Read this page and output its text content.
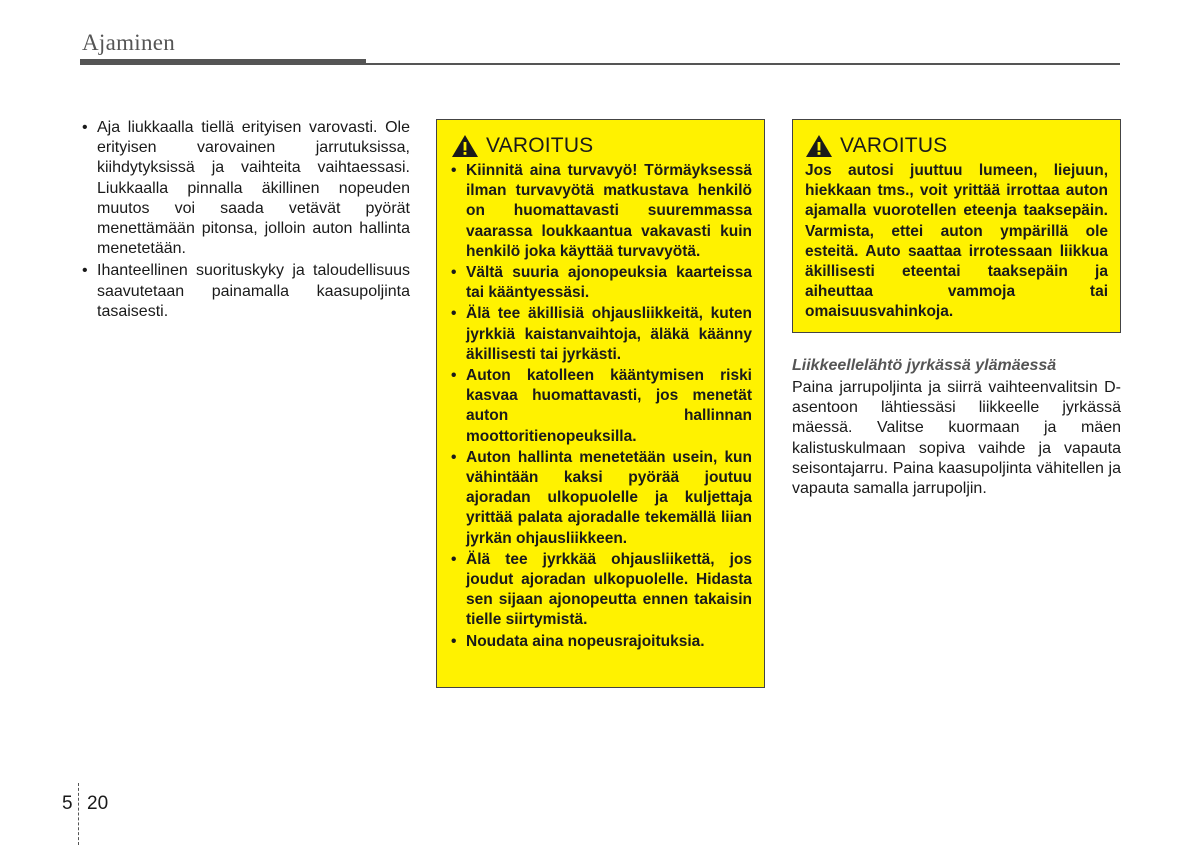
Ajaminen
• Aja liukkaalla tiellä erityisen varovasti. Ole erityisen varovainen jarrutuksissa, kiihdytyksissä ja vaihteita vaihtaessasi. Liukkaalla pinnalla äkillinen nopeuden muutos voi saada vetävät pyörät menettämään pitonsa, jolloin auton hallinta menetetään.
• Ihanteellinen suorituskyky ja taloudellisuus saavutetaan painamalla kaasupoljinta tasaisesti.
VAROITUS
• Kiinnitä aina turvavyö! Törmäyksessä ilman turvavyötä matkustava henkilö on huomattavasti suuremmassa vaarassa loukkaantua vakavasti kuin henkilö joka käyttää turvavyötä.
• Vältä suuria ajonopeuksia kaarteissa tai kääntyessäsi.
• Älä tee äkillisiä ohjausliikkeitä, kuten jyrkkiä kaistanvaihtoja, äläkä käänny äkillisesti tai jyrkästi.
• Auton katolleen kääntymisen riski kasvaa huomattavasti, jos menetät auton hallinnan moottoritienopeuksilla.
• Auton hallinta menetetään usein, kun vähintään kaksi pyörää joutuu ajoradan ulkopuolelle ja kuljettaja yrittää palata ajoradalle tekemällä liian jyrkän ohjausliikkeen.
• Älä tee jyrkkää ohjausliikettä, jos joudut ajoradan ulkopuolelle. Hidasta sen sijaan ajonopeutta ennen takaisin tielle siirtymistä.
• Noudata aina nopeusrajoituksia.
VAROITUS
Jos autosi juuttuu lumeen, liejuun, hiekkaan tms., voit yrittää irrottaa auton ajamalla vuorotellen eteenja taaksepäin. Varmista, ettei auton ympärillä ole esteitä. Auto saattaa irrotessaan liikkua äkillisesti eteentai taaksepäin ja aiheuttaa vammoja tai omaisuusvahinkoja.
Liikkeellelähtö jyrkässä ylämäessä
Paina jarrupoljinta ja siirrä vaihteenvalitsin D-asentoon lähtiessäsi liikkeelle jyrkässä mäessä. Valitse kuormaan ja mäen kalistuskulmaan sopiva vaihde ja vapauta seisontajarru. Paina kaasupoljinta vähitellen ja vapauta samalla jarrupoljin.
5 20
